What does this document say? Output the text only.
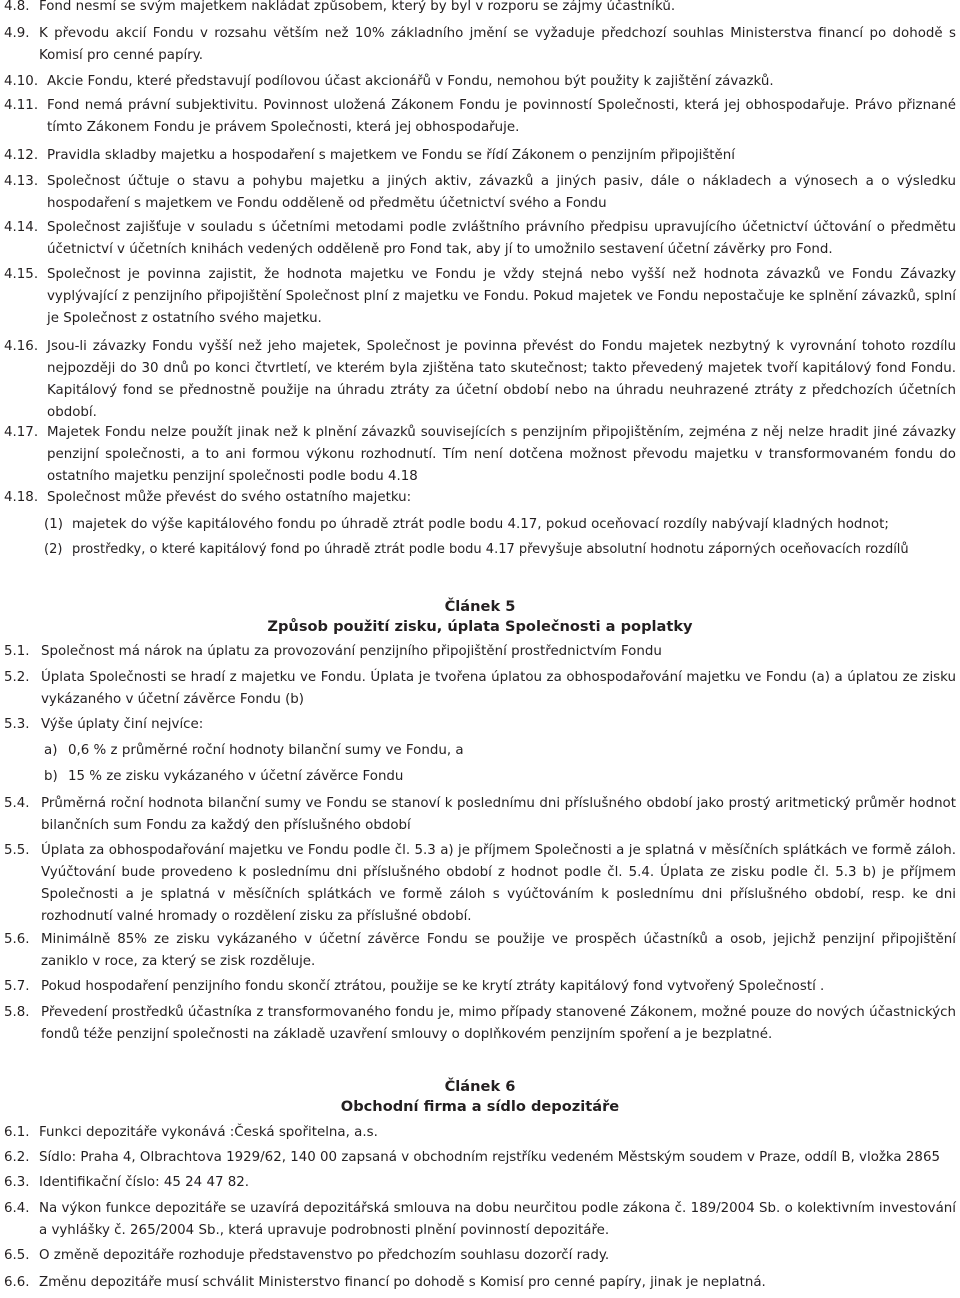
4.8. Fond nesmí se svým majetkem nakládat způsobem, který by byl v rozporu se zájmy účastníků.
4.9. K převodu akcií Fondu v rozsahu větším než 10% základního jmění se vyžaduje předchozí souhlas Ministerstva financí po dohodě s Komisí pro cenné papíry.
4.10. Akcie Fondu, které představují podílovou účast akcionářů v Fondu, nemohou být použity k zajištění závazků.
4.11. Fond nemá právní subjektivitu. Povinnost uložená Zákonem Fondu je povinností Společnosti, která jej obhospodařuje. Právo přiznané tímto Zákonem Fondu je právem Společnosti, která jej obhospodařuje.
4.12. Pravidla skladby majetku a hospodaření s majetkem ve Fondu se řídí Zákonem o penzijním připojištění
4.13. Společnost účtuje o stavu a pohybu majetku a jiných aktiv, závazků a jiných pasiv, dále o nákladech a výnosech a o výsledku hospodaření s majetkem ve Fondu odděleně od předmětu účetnictví svého a Fondu
4.14. Společnost zajišťuje v souladu s účetními metodami podle zvláštního právního předpisu upravujícího účetnictví účtování o předmětu účetnictví v účetních knihách vedených odděleně pro Fond tak, aby jí to umožnilo sestavení účetní závěrky pro Fond.
4.15. Společnost je povinna zajistit, že hodnota majetku ve Fondu je vždy stejná nebo vyšší než hodnota závazků ve Fondu Závazky vyplývající z penzijního připojištění Společnost plní z majetku ve Fondu. Pokud majetek ve Fondu nepostačuje ke splnění závazků, splní je Společnost z ostatního svého majetku.
4.16. Jsou-li závazky Fondu vyšší než jeho majetek, Společnost je povinna převést do Fondu majetek nezbytný k vyrovnání tohoto rozdílu nejpozději do 30 dnů po konci čtvrtletí, ve kterém byla zjištěna tato skutečnost; takto převedený majetek tvoří kapitálový fond Fondu. Kapitálový fond se přednostně použije na úhradu ztráty za účetní období nebo na úhradu neuhrazené ztráty z předchozích účetních období.
4.17. Majetek Fondu nelze použít jinak než k plnění závazků souvisejících s penzijním připojištěním, zejména z něj nelze hradit jiné závazky penzijní společnosti, a to ani formou výkonu rozhodnutí. Tím není dotčena možnost převodu majetku v transformovaném fondu do ostatního majetku penzijní společnosti podle bodu 4.18
4.18. Společnost může převést do svého ostatního majetku:
(1) majetek do výše kapitálového fondu po úhradě ztrát podle bodu 4.17, pokud oceňovací rozdíly nabývají kladných hodnot;
(2) prostředky, o které kapitálový fond po úhradě ztrát podle bodu 4.17 převyšuje absolutní hodnotu záporných oceňovacích rozdílů
Článek 5
Způsob použití zisku, úplata Společnosti a poplatky
5.1. Společnost má nárok na úplatu za provozování penzijního připojištění prostřednictvím Fondu
5.2. Úplata Společnosti se hradí z majetku ve Fondu. Úplata je tvořena úplatou za obhospodařování majetku ve Fondu (a) a úplatou ze zisku vykázaného v účetní závěrce Fondu (b)
5.3. Výše úplaty činí nejvíce:
a) 0,6 % z průměrné roční hodnoty bilanční sumy ve Fondu, a
b) 15 % ze zisku vykázaného v účetní závěrce Fondu
5.4. Průměrná roční hodnota bilanční sumy ve Fondu se stanoví k poslednímu dni příslušného období jako prostý aritmetický průměr hodnot bilančních sum Fondu za každý den příslušného období
5.5. Úplata za obhospodařování majetku ve Fondu podle čl. 5.3 a) je příjmem Společnosti a je splatná v měsíčních splátkách ve formě záloh. Vyúčtování bude provedeno k poslednímu dni příslušného období z hodnot podle čl. 5.4. Úplata ze zisku podle čl. 5.3 b) je příjmem Společnosti a je splatná v měsíčních splátkách ve formě záloh s vyúčtováním k poslednímu dni příslušného období, resp. ke dni rozhodnutí valné hromady o rozdělení zisku za příslušné období.
5.6. Minimálně 85% ze zisku vykázaného v účetní závěrce Fondu se použije ve prospěch účastníků a osob, jejichž penzijní připojištění zaniklo v roce, za který se zisk rozděluje.
5.7. Pokud hospodaření penzijního fondu skončí ztrátou, použije se ke krytí ztráty kapitálový fond vytvořený Společností .
5.8. Převedení prostředků účastníka z transformovaného fondu je, mimo případy stanovené Zákonem, možné pouze do nových účastnických fondů téže penzijní společnosti na základě uzavření smlouvy o doplňkovém penzijním spoření a je bezplatné.
Článek 6
Obchodní firma a sídlo depozitáře
6.1. Funkci depozitáře vykonává :Česká spořitelna, a.s.
6.2. Sídlo: Praha 4, Olbrachtova 1929/62, 140 00 zapsaná v obchodním rejstříku vedeném Městským soudem v Praze, oddíl B, vložka 2865
6.3. Identifikační číslo: 45 24 47 82.
6.4. Na výkon funkce depozitáře se uzavírá depozitářská smlouva na dobu neurčitou podle zákona č. 189/2004 Sb. o kolektivním investování a vyhlášky č. 265/2004 Sb., která upravuje podrobnosti plnění povinností depozitáře.
6.5. O změně depozitáře rozhoduje představenstvo po předchozím souhlasu dozorčí rady.
6.6. Změnu depozitáře musí schválit Ministerstvo financí po dohodě s Komisí pro cenné papíry, jinak je neplatná.
